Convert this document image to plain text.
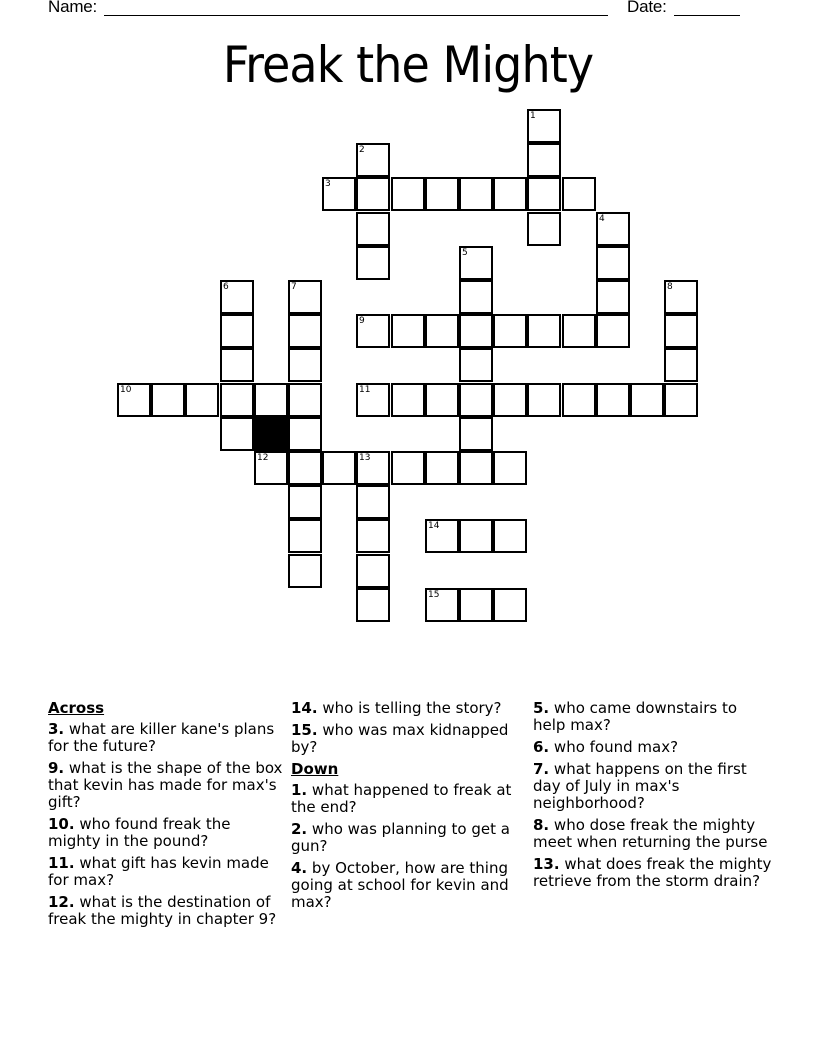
Name:	Date:
Freak the Mighty
1
2
3
4
5
6	7	8
9
10	11
12	13
14
15
Across
3. what are killer kane's plans for the future?
9. what is the shape of the box that kevin has made for max's gift?
10. who found freak the mighty in the pound?
11. what gift has kevin made for max?
12. what is the destination of freak the mighty in chapter 9?
14. who is telling the story?
15. who was max kidnapped by?
Down
1. what happened to freak at the end?
2. who was planning to get a gun?
4. by October, how are thing going at school for kevin and max?
5. who came downstairs to help max?
6. who found max?
7. what happens on the first day of July in max's neighborhood?
8. who dose freak the mighty meet when returning the purse
13. what does freak the mighty retrieve from the storm drain?
